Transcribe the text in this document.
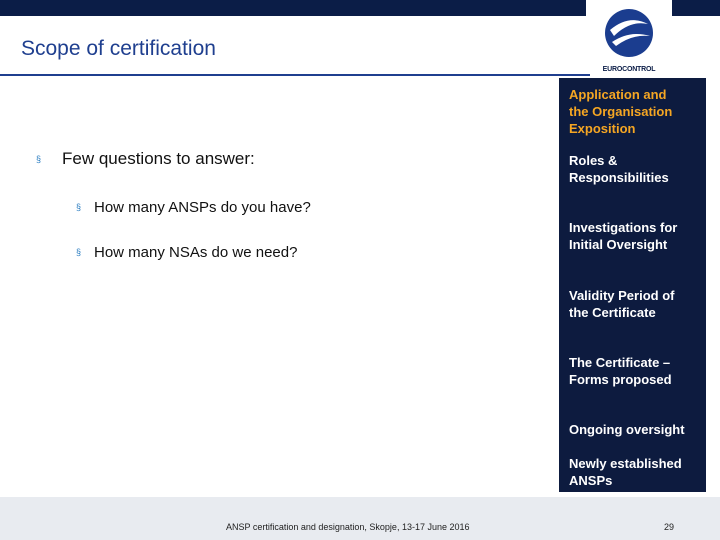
EUROCONTROL
Scope of certification
§ Few questions to answer:
§ How many ANSPs do you have?
§ How many NSAs do we need?
Application and
the Organisation
Exposition
Roles &
Responsibilities
Investigations for
Initial Oversight
Validity Period of
the Certificate
The Certificate –
Forms proposed
Ongoing oversight
Newly established
ANSPs
ANSP certification and designation, Skopje, 13-17 June 2016	29
